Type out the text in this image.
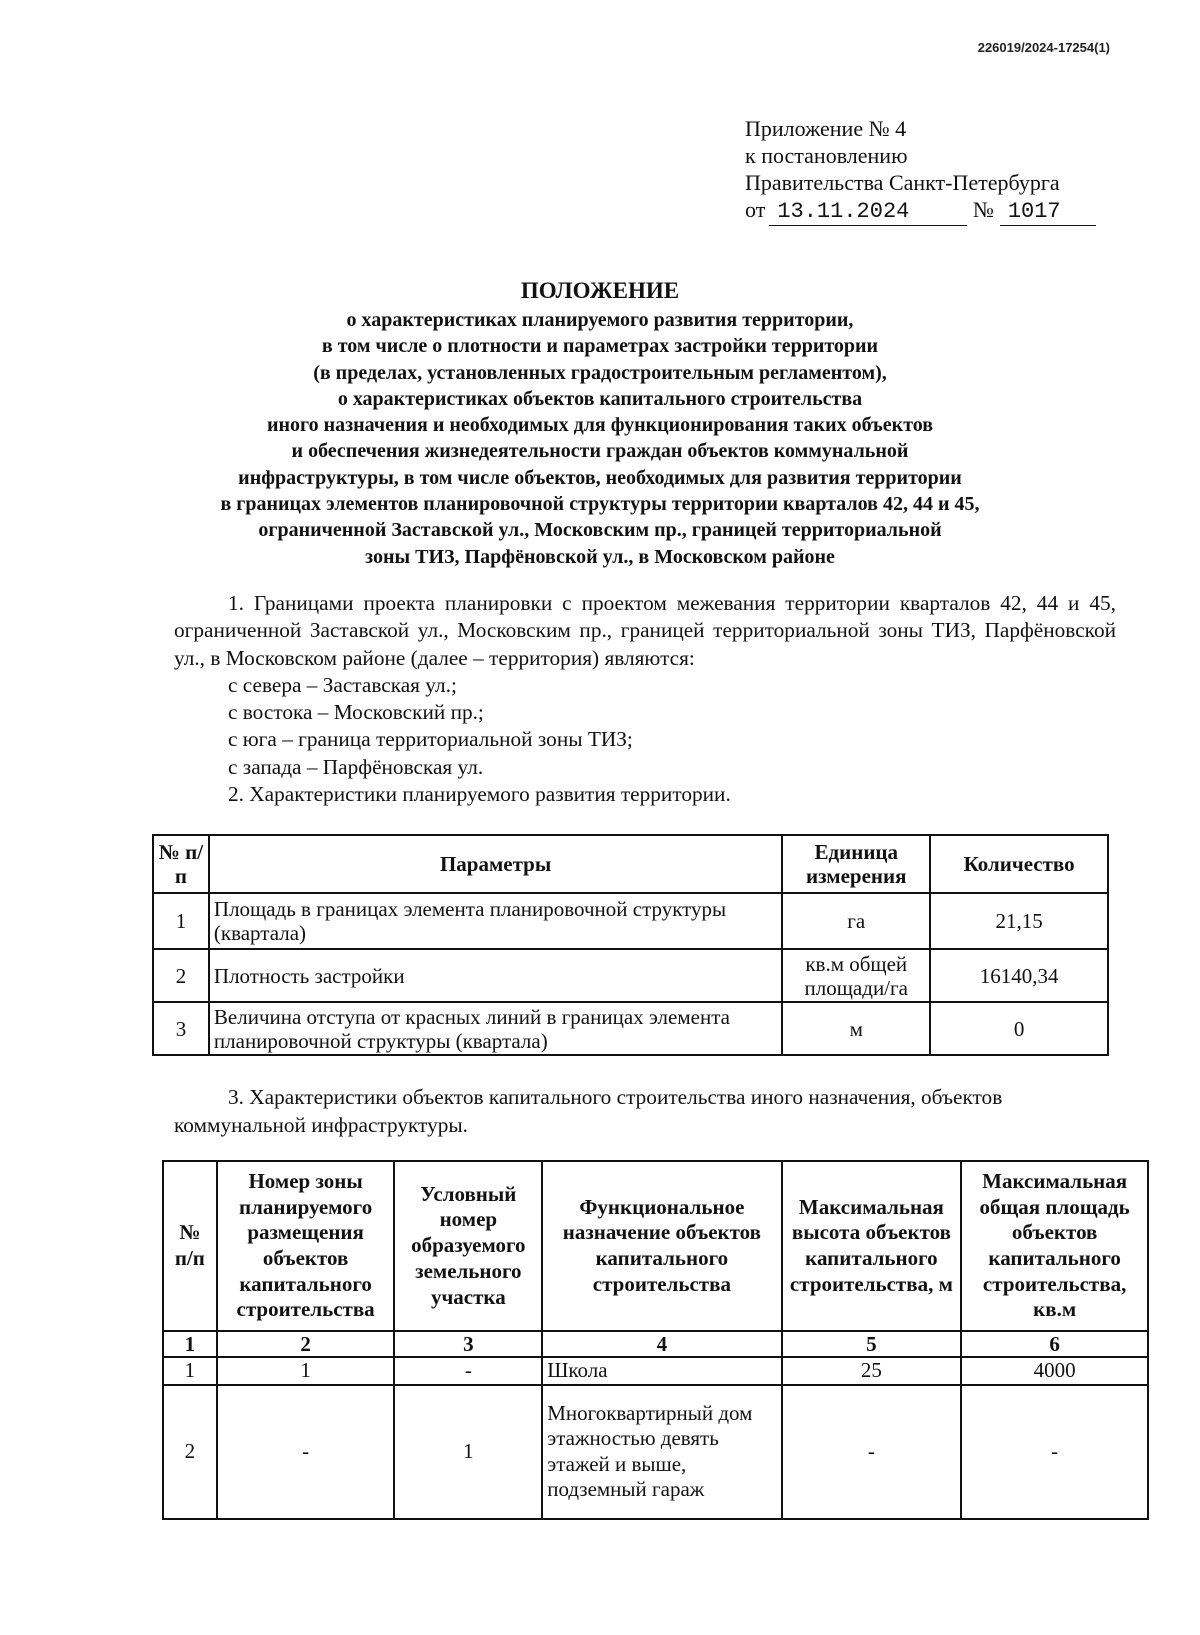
226019/2024-17254(1)
Приложение № 4
к постановлению
Правительства Санкт-Петербурга
от 13.11.2024	№ 1017
ПОЛОЖЕНИЕ
о характеристиках планируемого развития территории,
в том числе о плотности и параметрах застройки территории
(в пределах, установленных градостроительным регламентом),
о характеристиках объектов капитального строительства
иного назначения и необходимых для функционирования таких объектов
и обеспечения жизнедеятельности граждан объектов коммунальной
инфраструктуры, в том числе объектов, необходимых для развития территории
в границах элементов планировочной структуры территории кварталов 42, 44 и 45,
ограниченной Заставской ул., Московским пр., границей территориальной
зоны ТИЗ, Парфёновской ул., в Московском районе
1. Границами проекта планировки с проектом межевания территории кварталов 42, 44 и 45, ограниченной Заставской ул., Московским пр., границей территориальной зоны ТИЗ, Парфёновской ул., в Московском районе (далее – территория) являются:
с севера – Заставская ул.;
с востока – Московский пр.;
с юга – граница территориальной зоны ТИЗ;
с запада – Парфёновская ул.
2. Характеристики планируемого развития территории.
№ п/п	Параметры	Единица измерения	Количество
1	Площадь в границах элемента планировочной структуры (квартала)	га	21,15
2	Плотность застройки	кв.м общей площади/га	16140,34
3	Величина отступа от красных линий в границах элемента планировочной структуры (квартала)	м	0
3. Характеристики объектов капитального строительства иного назначения, объектов коммунальной инфраструктуры.
№ п/п	Номер зоны планируемого размещения объектов капитального строительства	Условный номер образуемого земельного участка	Функциональное назначение объектов капитального строительства	Максимальная высота объектов капитального строительства, м	Максимальная общая площадь объектов капитального строительства, кв.м
1	2	3	4	5	6
1	1	-	Школа	25	4000
2	-	1	Многоквартирный дом этажностью девять этажей и выше, подземный гараж	-	-
